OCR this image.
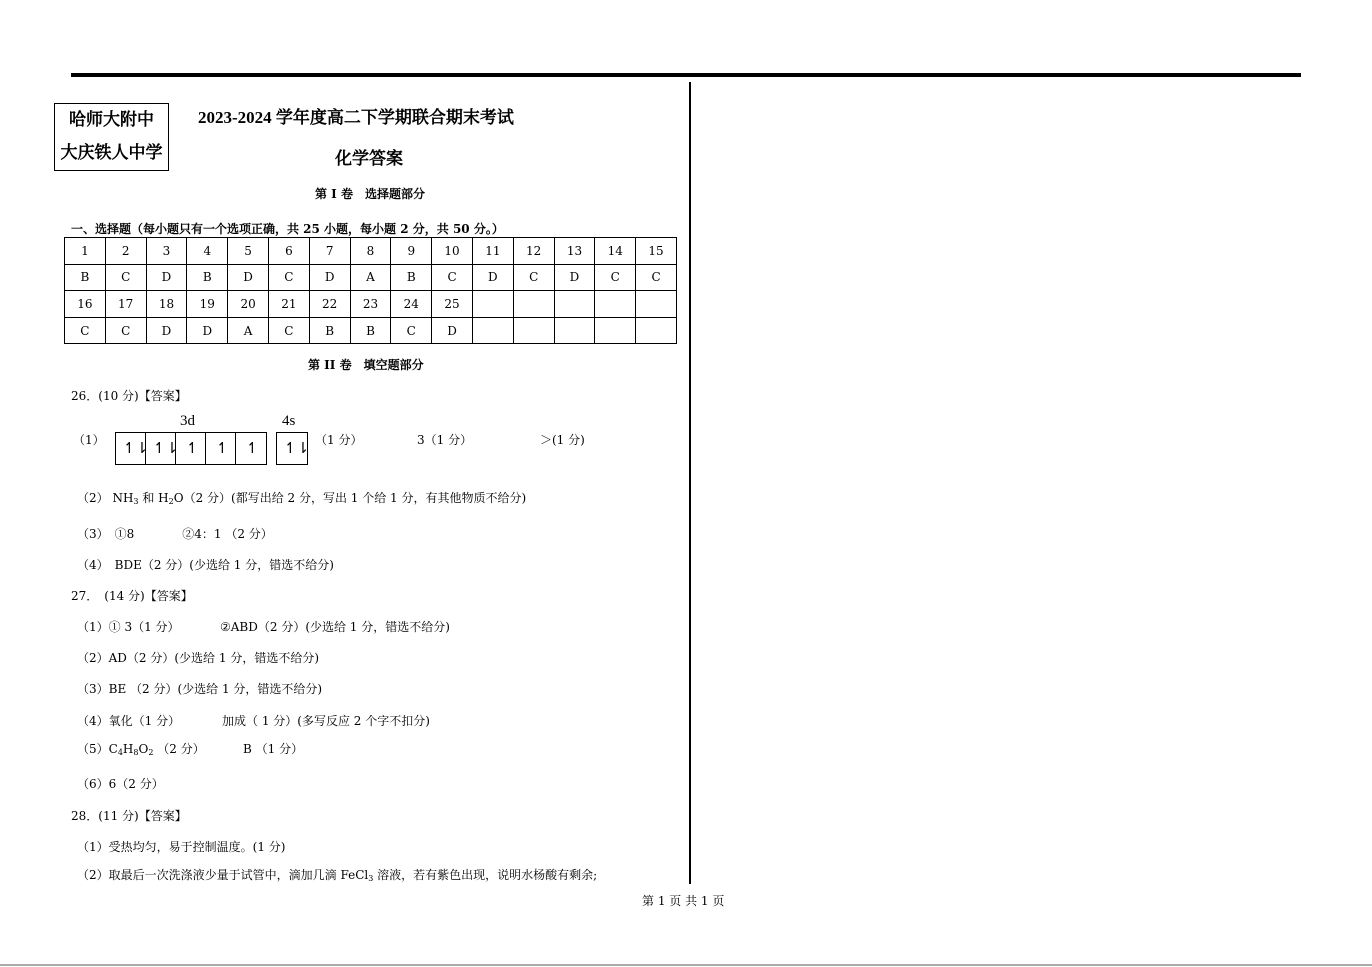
哈师大附中
大庆铁人中学
2023-2024 学年度高二下学期联合期末考试
化学答案
第 I 卷　选择题部分
一、选择题（每小题只有一个选项正确，共 25 小题，每小题 2 分，共 50 分。）
1	2	3	4	5	6	7	8	9	10	11	12	13	14	15
B	C	D	B	D	C	D	A	B	C	D	C	D	C	C
16	17	18	19	20	21	22	23	24	25					
C	C	D	D	A	C	B	B	C	D					
第 II 卷　填空题部分
26．(10 分)【答案】
（1）
3d	4s
↿⇂ ↿⇂ ↿ ↿ ↿ ↿⇂ （1 分）	3（1 分）	＞(1 分)
（2） $NH_3$ 和 $H_2O(2$ 分）(都写出给 2 分，写出 1 个给 1 分，有其他物质不给分)
（3）　①8　　　　②4：1 （2 分）
（4）　BDE（2 分）(少选给 1 分，错选不给分)
27．　(14 分)【答案】
（1）① 3（1 分）	②ABD（2 分）(少选给 1 分，错选不给分)
（2）AD（2 分）(少选给 1 分，错选不给分)
（3）BE （2 分）(少选给 1 分，错选不给分)
（4）氧化（1 分）	加成（ 1 分）(多写反应 2 个字不扣分)
$(5)C_4H_8O_2$ （2 分）	B （1 分）
（6）6（2 分）
28．(11 分)【答案】
（1）受热均匀，易于控制温度。(1 分)
（2）取最后一次洗涤液少量于试管中，滴加几滴 FeCl$_3$ 溶液，若有紫色出现，说明水杨酸有剩余;
第 1 页 共 1 页
